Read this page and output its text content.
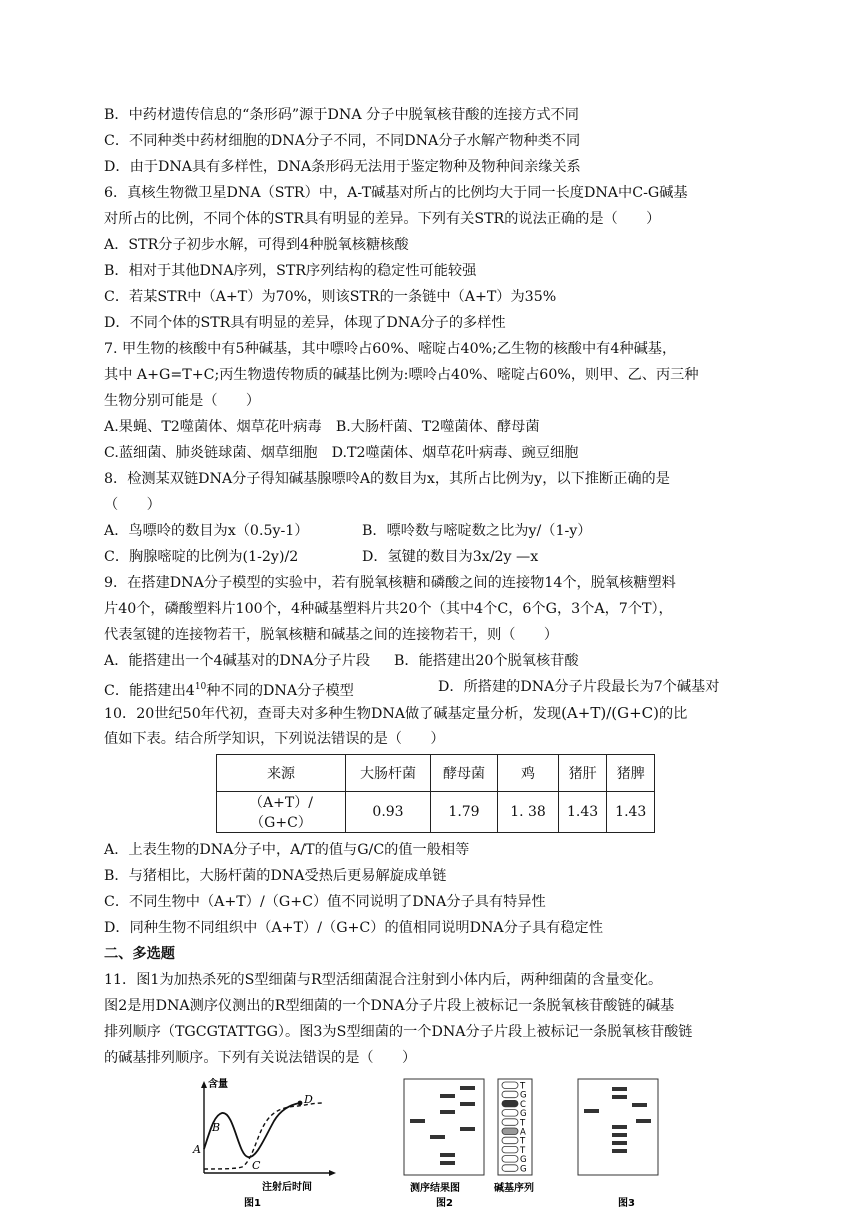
B．中药材遗传信息的“条形码”源于DNA 分子中脱氧核苷酸的连接方式不同
C．不同种类中药材细胞的DNA分子不同，不同DNA分子水解产物种类不同
D．由于DNA具有多样性，DNA条形码无法用于鉴定物种及物种间亲缘关系
6．真核生物微卫星DNA（STR）中，A-T碱基对所占的比例均大于同一长度DNA中C-G碱基
对所占的比例，不同个体的STR具有明显的差异。下列有关STR的说法正确的是（　　）
A．STR分子初步水解，可得到4种脱氧核糖核酸
B．相对于其他DNA序列，STR序列结构的稳定性可能较强
C．若某STR中（A+T）为70%，则该STR的一条链中（A+T）为35%
D．不同个体的STR具有明显的差异，体现了DNA分子的多样性
7. 甲生物的核酸中有5种碱基，其中嘌呤占60%、嘧啶占40%;乙生物的核酸中有4种碱基，
其中 A+G=T+C;丙生物遗传物质的碱基比例为:嘌呤占40%、嘧啶占60%，则甲、乙、丙三种
生物分别可能是（　　）
A.果蝇、T2噬菌体、烟草花叶病毒　B.大肠杆菌、T2噬菌体、酵母菌
C.蓝细菌、肺炎链球菌、烟草细胞　D.T2噬菌体、烟草花叶病毒、豌豆细胞
8．检测某双链DNA分子得知碱基腺嘌呤A的数目为x，其所占比例为y，以下推断正确的是
（　　）
A．鸟嘌呤的数目为x（0.5y-1）	B．嘌呤数与嘧啶数之比为y/（1-y）
C．胸腺嘧啶的比例为(1-2y)/2	D．氢键的数目为3x/2y —x
9．在搭建DNA分子模型的实验中，若有脱氧核糖和磷酸之间的连接物14个，脱氧核糖塑料
片40个，磷酸塑料片100个，4种碱基塑料片共20个（其中4个C，6个G，3个A，7个T），
代表氢键的连接物若干，脱氧核糖和碱基之间的连接物若干，则（　　）
A．能搭建出一个4碱基对的DNA分子片段	B．能搭建出20个脱氧核苷酸
C．能搭建出$4^{10}$种不同的DNA分子模型	D．所搭建的DNA分子片段最长为7个碱基对
10．20世纪50年代初，查哥夫对多种生物DNA做了碱基定量分析，发现(A+T)/(G+C)的比
值如下表。结合所学知识，下列说法错误的是（　　）
来源	大肠杆菌	酵母菌	鸡	猪肝	猪脾
（A+T）/（G+C）	0.93	1.79	1. 38	1.43	1.43
A．上表生物的DNA分子中，A/T的值与G/C的值一般相等
B．与猪相比，大肠杆菌的DNA受热后更易解旋成单链
C．不同生物中（A+T）/（G+C）值不同说明了DNA分子具有特异性
D．同种生物不同组织中（A+T）/（G+C）的值相同说明DNA分子具有稳定性
二、多选题
11．图1为加热杀死的S型细菌与R型活细菌混合注射到小体内后，两种细菌的含量变化。
图2是用DNA测序仪测出的R型细菌的一个DNA分子片段上被标记一条脱氧核苷酸链的碱基
排列顺序（TGCGTATTGG）。图3为S型细菌的一个DNA分子片段上被标记一条脱氧核苷酸链
的碱基排列顺序。下列有关说法错误的是（　　）
含量
注射后时间
A
B
C
D
图1
T
G
C
G
T
A
T
T
G
G
测序结果图	碱基序列
图2	图3
